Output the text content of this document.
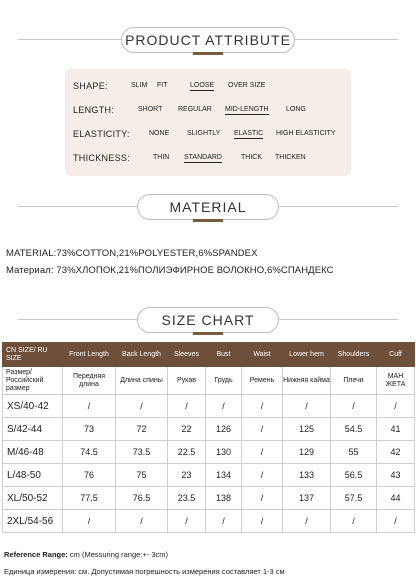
PRODUCT ATTRIBUTE
SHAPE:	SLIM FIT	LOOSE OVER SIZE
LENGTH:	SHORT REGULAR MID-LENGTH LONG
ELASTICITY:	NONE	SLIGHTLY ELASTIC HIGH ELASTICITY
THICKNESS:	THIN STANDARD	THICK THICKEN
MATERIAL
MATERIAL:73%COTTON,21%POLYESTER,6%SPANDEX
Материал: 73%ХЛОПОК,21%ПОЛИЭФИРНОЕ ВОЛОКНО,6%СПАНДЕКС
SIZE CHART
CN SIZE/ RU SIZE	Front Length	Back Length	Sleeves	Bust	Waist	Lower hem	Shoulders	Cuff
Размер/ Российский размер	Передняя длина	Длина спины	Рукав	Грудь	Ремень	Нижняя кайма	Плечи	МАН ЖЕТА
XS/40-42	/	/	/	/	/	/	/	/
S/42-44	73	72	22	126	/	125	54.5	41
M/46-48	74.5	73.5	22.5	130	/	129	55	42
L/48-50	76	75	23	134	/	133	56.5	43
XL/50-52	77.5	76.5	23.5	138	/	137	57.5	44
2XL/54-56	/	/	/	/	/	/	/	/
Reference Range: cm (Messuring range:+- 3cm)
Единица измерения: см. Допустимая погрешность измерения составляет 1-3 см
